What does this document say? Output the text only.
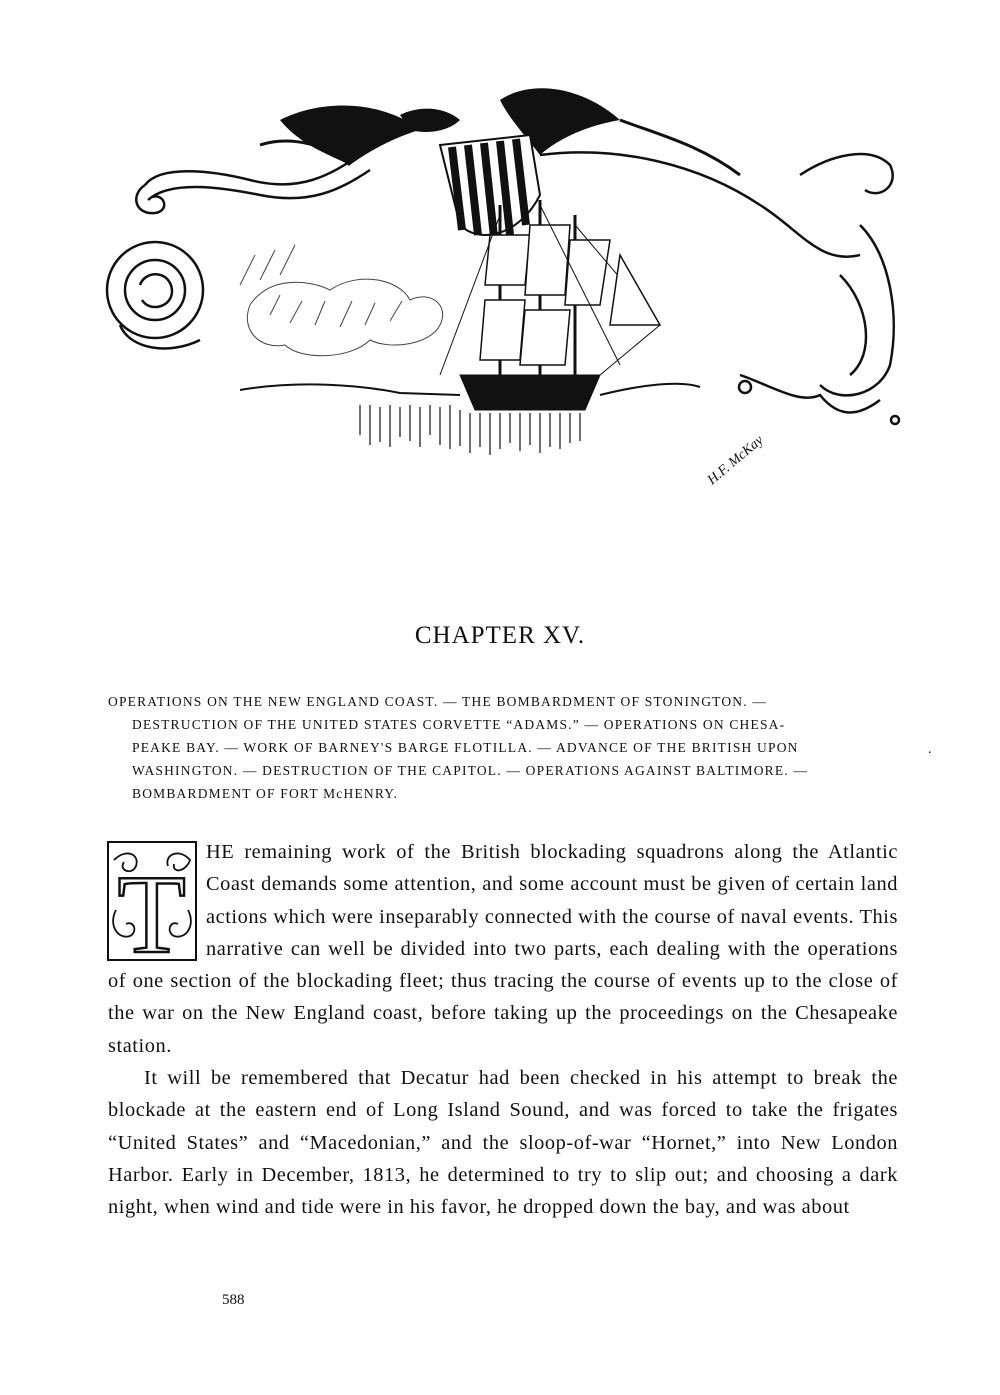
H.F. McKay
CHAPTER XV.
OPERATIONS ON THE NEW ENGLAND COAST. — THE BOMBARDMENT OF STONINGTON. —
DESTRUCTION OF THE UNITED STATES CORVETTE “ADAMS.” — OPERATIONS ON CHESA-
PEAKE BAY. — WORK OF BARNEY'S BARGE FLOTILLA. — ADVANCE OF THE BRITISH UPON
WASHINGTON. — DESTRUCTION OF THE CAPITOL. — OPERATIONS AGAINST BALTIMORE. —
BOMBARDMENT OF FORT McHENRY.
.

T
HE remaining work of the British blockading squadrons along the Atlantic Coast demands some attention, and some account must be given of certain land actions which were inseparably connected with the course of naval events. This narrative can well be divided into two parts, each dealing with the operations of one section of the blockading fleet; thus tracing the course of events up to the close of the war on the New England coast, before taking up the proceedings on the Chesapeake station.

It will be remembered that Decatur had been checked in his attempt to break the blockade at the eastern end of Long Island Sound, and was forced to take the frigates “United States” and “Macedonian,” and the sloop-of-war “Hornet,” into New London Harbor. Early in December, 1813, he determined to try to slip out; and choosing a dark night, when wind and tide were in his favor, he dropped down the bay, and was about

588
